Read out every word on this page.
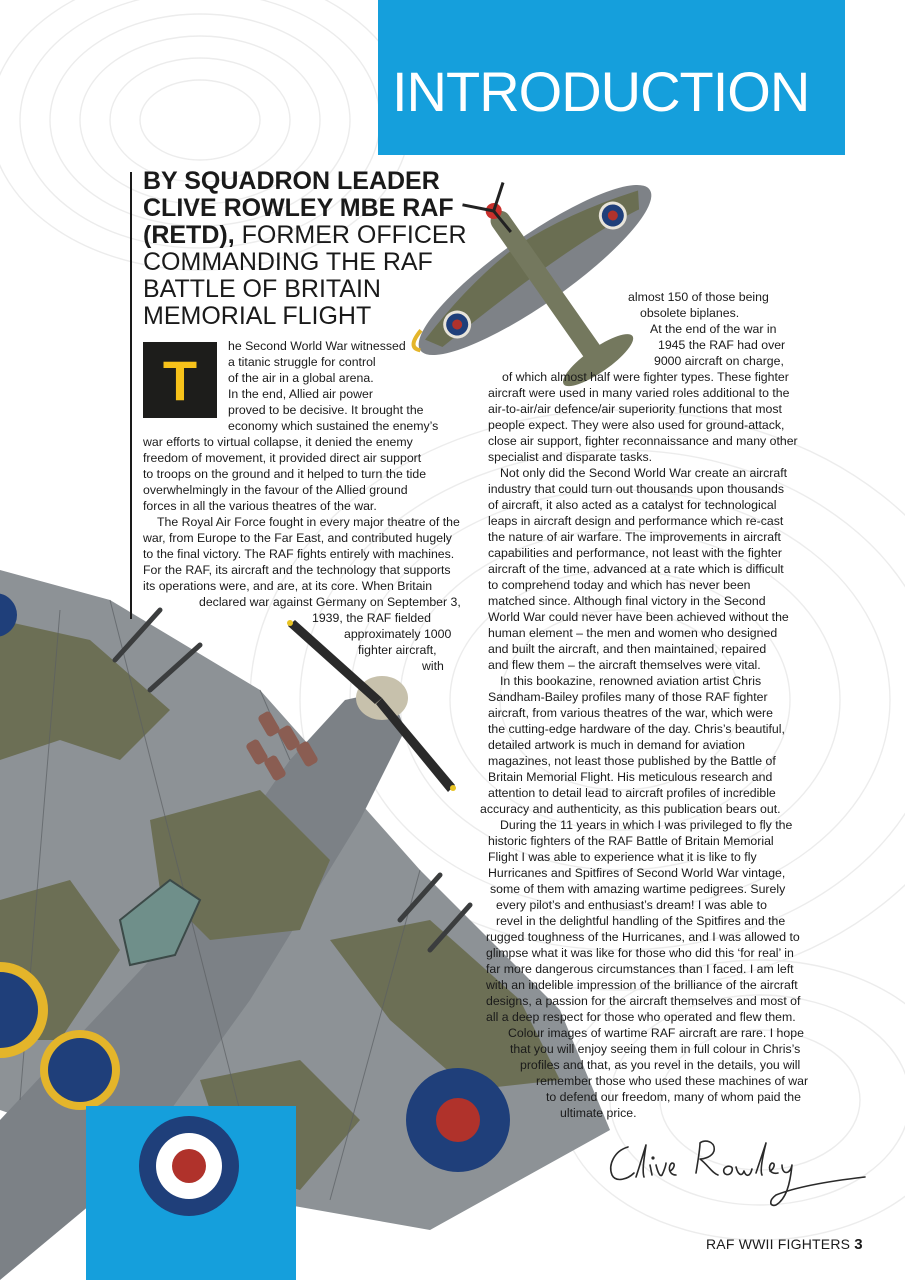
INTRODUCTION
BY SQUADRON LEADER CLIVE ROWLEY MBE RAF (RETD), FORMER OFFICER COMMANDING THE RAF BATTLE OF BRITAIN MEMORIAL FLIGHT
T
he Second World War witnessed
a titanic struggle for control
of the air in a global arena.
In the end, Allied air power
proved to be decisive. It brought the
economy which sustained the enemy’s
war efforts to virtual collapse, it denied the enemy
freedom of movement, it provided direct air support
to troops on the ground and it helped to turn the tide
overwhelmingly in the favour of the Allied ground
forces in all the various theatres of the war.
The Royal Air Force fought in every major theatre of the
war, from Europe to the Far East, and contributed hugely
to the final victory. The RAF fights entirely with machines.
For the RAF, its aircraft and the technology that supports
its operations were, and are, at its core. When Britain
declared war against Germany on September 3,
1939, the RAF fielded
approximately 1000
fighter aircraft,
with
almost 150 of those being
obsolete biplanes.
At the end of the war in
1945 the RAF had over
9000 aircraft on charge,
of which almost half were fighter types. These fighter
aircraft were used in many varied roles additional to the
air-to-air/air defence/air superiority functions that most
people expect. They were also used for ground-attack,
close air support, fighter reconnaissance and many other
specialist and disparate tasks.
Not only did the Second World War create an aircraft
industry that could turn out thousands upon thousands
of aircraft, it also acted as a catalyst for technological
leaps in aircraft design and performance which re-cast
the nature of air warfare. The improvements in aircraft
capabilities and performance, not least with the fighter
aircraft of the time, advanced at a rate which is difficult
to comprehend today and which has never been
matched since. Although final victory in the Second
World War could never have been achieved without the
human element – the men and women who designed
and built the aircraft, and then maintained, repaired
and flew them – the aircraft themselves were vital.
In this bookazine, renowned aviation artist Chris
Sandham-Bailey profiles many of those RAF fighter
aircraft, from various theatres of the war, which were
the cutting-edge hardware of the day. Chris’s beautiful,
detailed artwork is much in demand for aviation
magazines, not least those published by the Battle of
Britain Memorial Flight. His meticulous research and
attention to detail lead to aircraft profiles of incredible
accuracy and authenticity, as this publication bears out.
During the 11 years in which I was privileged to fly the
historic fighters of the RAF Battle of Britain Memorial
Flight I was able to experience what it is like to fly
Hurricanes and Spitfires of Second World War vintage,
some of them with amazing wartime pedigrees. Surely
every pilot’s and enthusiast’s dream! I was able to
revel in the delightful handling of the Spitfires and the
rugged toughness of the Hurricanes, and I was allowed to
glimpse what it was like for those who did this ‘for real’ in
far more dangerous circumstances than I faced. I am left
with an indelible impression of the brilliance of the aircraft
designs, a passion for the aircraft themselves and most of
all a deep respect for those who operated and flew them.
Colour images of wartime RAF aircraft are rare. I hope
that you will enjoy seeing them in full colour in Chris’s
profiles and that, as you revel in the details, you will
remember those who used these machines of war
to defend our freedom, many of whom paid the
ultimate price.
RAF WWII FIGHTERS 3
